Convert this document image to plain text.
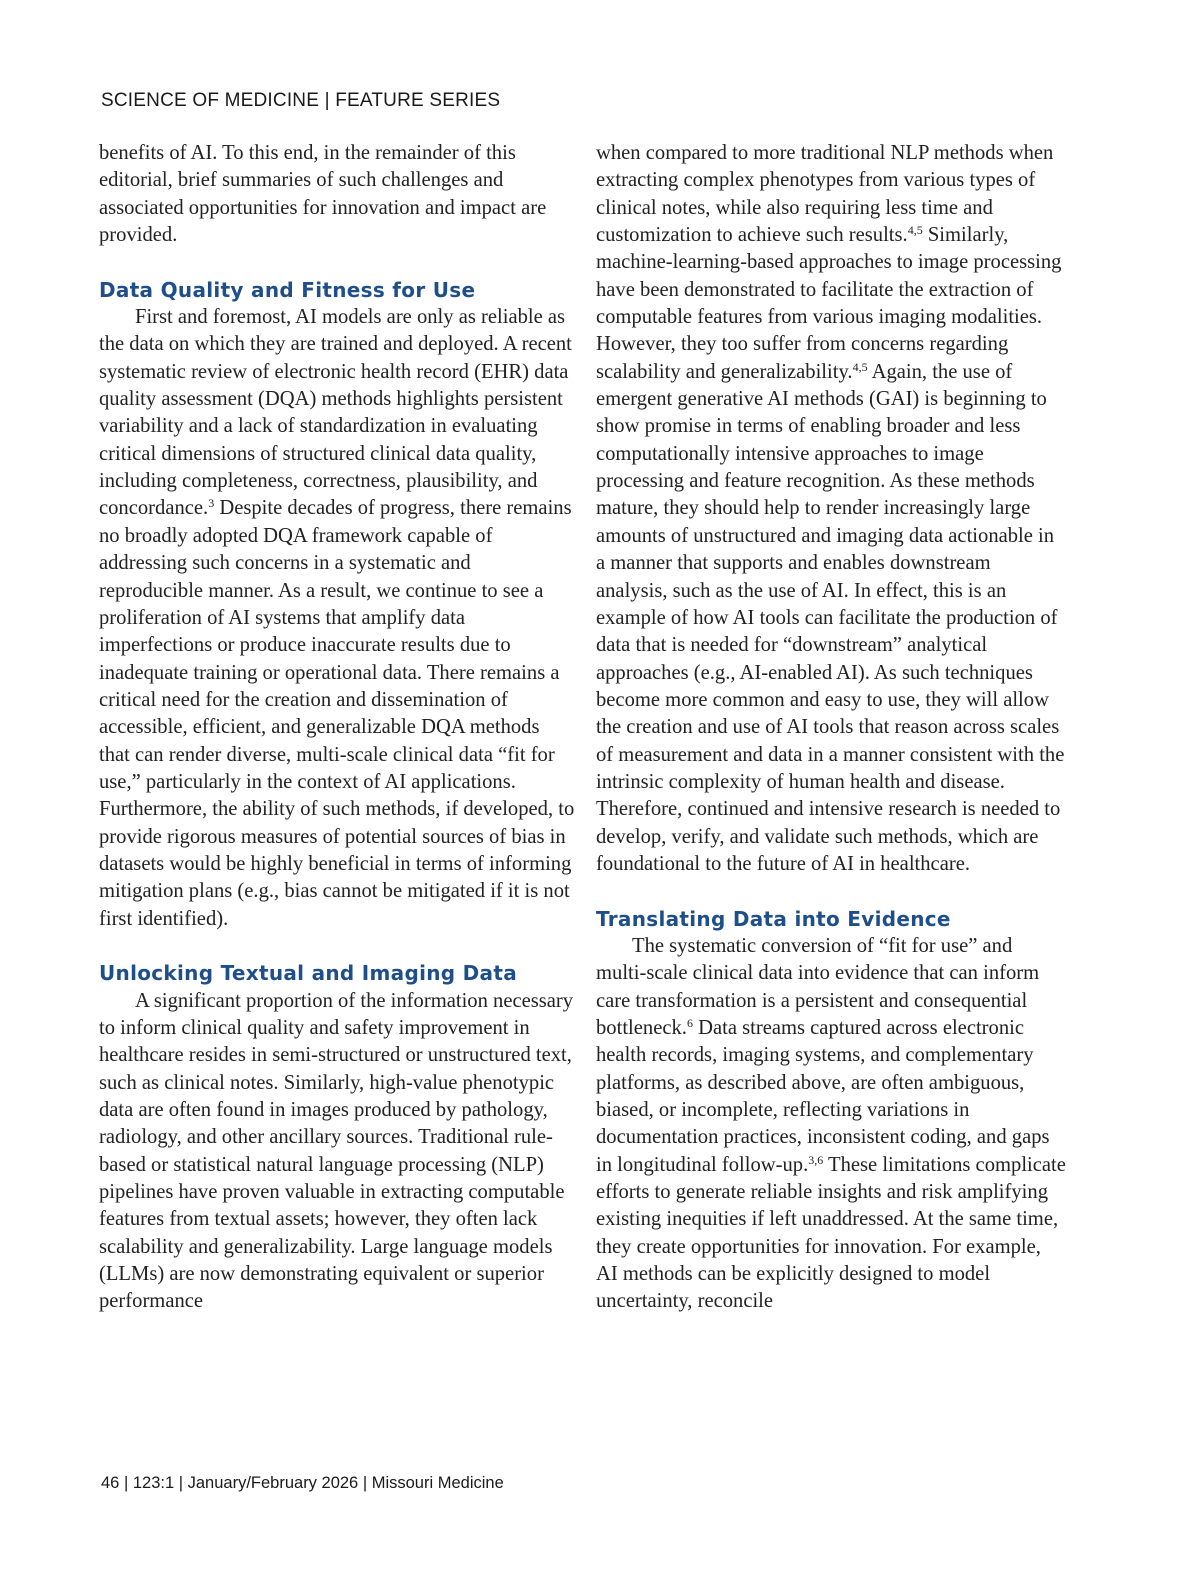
SCIENCE OF MEDICINE | FEATURE SERIES

benefits of AI. To this end, in the remainder of this editorial, brief summaries of such challenges and associated opportunities for innovation and impact are provided.

Data Quality and Fitness for Use

First and foremost, AI models are only as reliable as the data on which they are trained and deployed. A recent systematic review of electronic health record (EHR) data quality assessment (DQA) methods highlights persistent variability and a lack of standardization in evaluating critical dimensions of structured clinical data quality, including completeness, correctness, plausibility, and concordance.$^3$ Despite decades of progress, there remains no broadly adopted DQA framework capable of addressing such concerns in a systematic and reproducible manner. As a result, we continue to see a proliferation of AI systems that amplify data imperfections or produce inaccurate results due to inadequate training or operational data. There remains a critical need for the creation and dissemination of accessible, efficient, and generalizable DQA methods that can render diverse, multi-scale clinical data “fit for use,” particularly in the context of AI applications. Furthermore, the ability of such methods, if developed, to provide rigorous measures of potential sources of bias in datasets would be highly beneficial in terms of informing mitigation plans (e.g., bias cannot be mitigated if it is not first identified).

Unlocking Textual and Imaging Data

A significant proportion of the information necessary to inform clinical quality and safety improvement in healthcare resides in semi-structured or unstructured text, such as clinical notes. Similarly, high-value phenotypic data are often found in images produced by pathology, radiology, and other ancillary sources. Traditional rule-based or statistical natural language processing (NLP) pipelines have proven valuable in extracting computable features from textual assets; however, they often lack scalability and generalizability. Large language models (LLMs) are now demonstrating equivalent or superior performance

when compared to more traditional NLP methods when extracting complex phenotypes from various types of clinical notes, while also requiring less time and customization to achieve such results.$^{4,5}$ Similarly, machine-learning-based approaches to image processing have been demonstrated to facilitate the extraction of computable features from various imaging modalities. However, they too suffer from concerns regarding scalability and generalizability.$^{4,5}$ Again, the use of emergent generative AI methods (GAI) is beginning to show promise in terms of enabling broader and less computationally intensive approaches to image processing and feature recognition. As these methods mature, they should help to render increasingly large amounts of unstructured and imaging data actionable in a manner that supports and enables downstream analysis, such as the use of AI. In effect, this is an example of how AI tools can facilitate the production of data that is needed for “downstream” analytical approaches (e.g., AI-enabled AI). As such techniques become more common and easy to use, they will allow the creation and use of AI tools that reason across scales of measurement and data in a manner consistent with the intrinsic complexity of human health and disease. Therefore, continued and intensive research is needed to develop, verify, and validate such methods, which are foundational to the future of AI in healthcare.

Translating Data into Evidence

The systematic conversion of “fit for use” and multi-scale clinical data into evidence that can inform care transformation is a persistent and consequential bottleneck.$^6$ Data streams captured across electronic health records, imaging systems, and complementary platforms, as described above, are often ambiguous, biased, or incomplete, reflecting variations in documentation practices, inconsistent coding, and gaps in longitudinal follow-up.$^{3,6}$ These limitations complicate efforts to generate reliable insights and risk amplifying existing inequities if left unaddressed. At the same time, they create opportunities for innovation. For example, AI methods can be explicitly designed to model uncertainty, reconcile

46 | 123:1 | January/February 2026 | Missouri Medicine
